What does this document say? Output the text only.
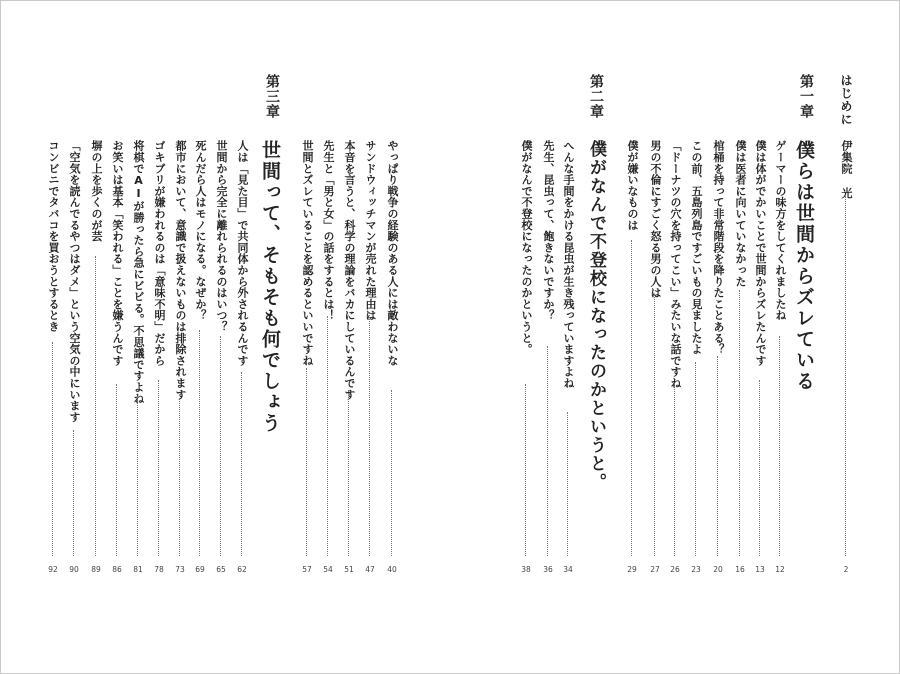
はじめに
伊集院 光
2
第一章
僕らは世間からズレている
ゲーマーの味方をしてくれましたね
12
僕は体がでかいことで世間からズレたんです
13
僕は医者に向いていなかった
16
棺桶を持って非常階段を降りたことある？
20
この前、五島列島ですごいもの見ましたよ
23
「ドーナツの穴を持ってこい」みたいな話ですね
26
男の不倫にすごく怒る男の人は
27
僕が嫌いなものは
29
第二章
僕がなんで不登校になったのかというと。
へんな手間をかける昆虫が生き残っていますよね
34
先生、昆虫って、飽きないですか？
36
僕がなんで不登校になったのかというと。
38
やっぱり戦争の経験のある人には敵わないな
40
サンドウィッチマンが売れた理由は
47
本音を言うと、科学の理論をバカにしているんです
51
先生と「男と女」の話をするとは！
54
世間とズレていることを認めるといいですね
57
第三章
世間って、そもそも何でしょう
人は「見た目」で共同体から外されるんです
62
世間から完全に離れられるのはいつ？
65
死んだら人はモノになる。なぜか？
69
都市において、意識で扱えないものは排除されます
73
ゴキブリが嫌われるのは「意味不明」だから
78
将棋でAIが勝ったら急にビビる。不思議ですよね
81
お笑いは基本「笑われる」ことを嫌うんです
86
塀の上を歩くのが芸
89
「空気を読んでるやつはダメ」という空気の中にいます
90
コンビニでタバコを買おうとするとき
92
